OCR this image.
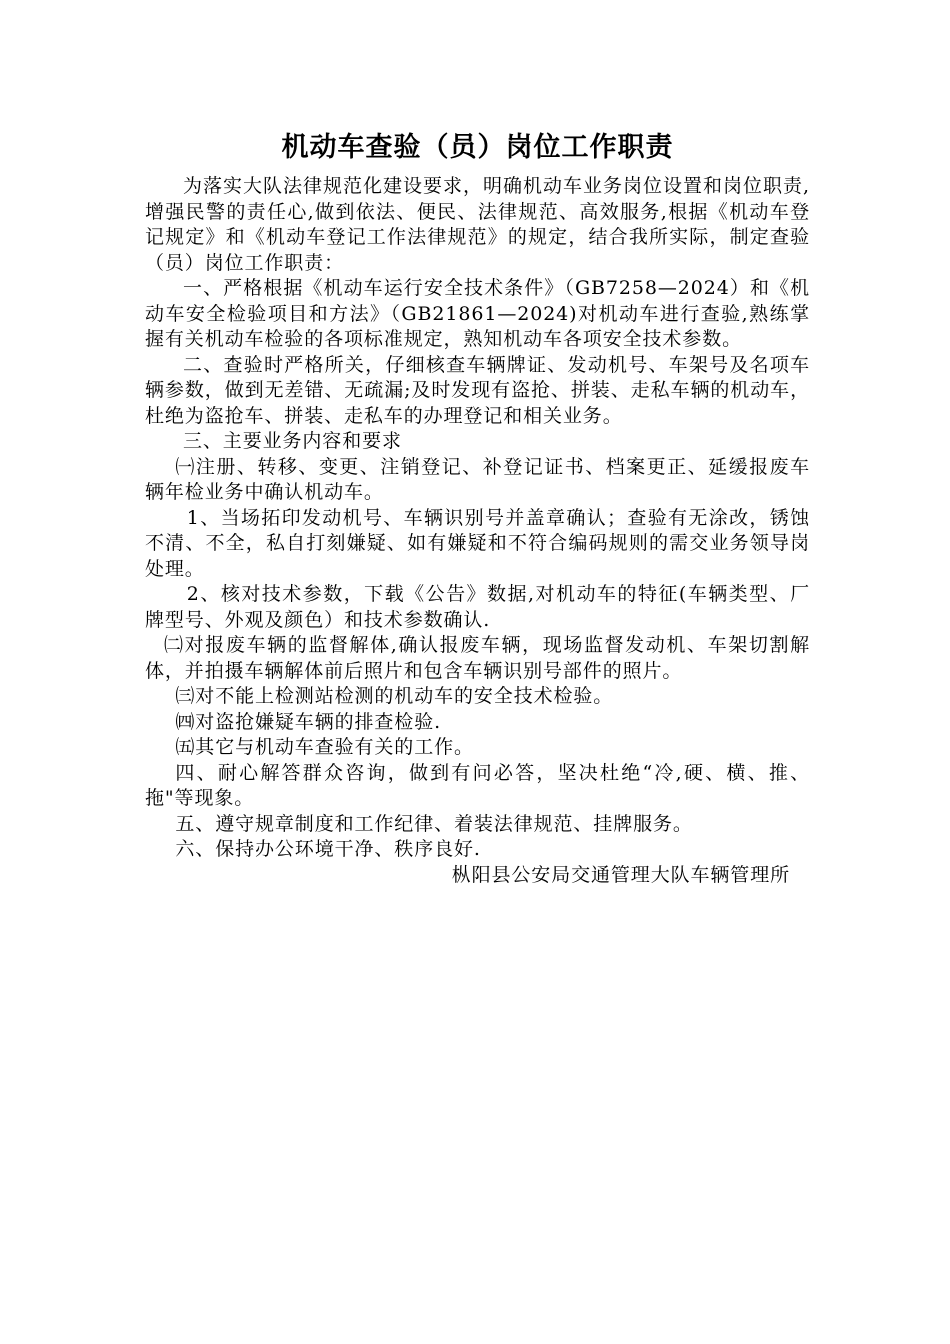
机动车查验（员）岗位工作职责

为落实大队法律规范化建设要求，明确机动车业务岗位设置和岗位职责,增强民警的责任心,做到依法、便民、法律规范、高效服务,根据《机动车登记规定》和《机动车登记工作法律规范》的规定，结合我所实际，制定查验（员）岗位工作职责：

一、严格根据《机动车运行安全技术条件》（GB7258—2024）和《机动车安全检验项目和方法》（GB21861—2024)对机动车进行查验,熟练掌握有关机动车检验的各项标准规定，熟知机动车各项安全技术参数。

二、查验时严格所关，仔细核查车辆牌证、发动机号、车架号及名项车辆参数，做到无差错、无疏漏;及时发现有盗抢、拼装、走私车辆的机动车，杜绝为盗抢车、拼装、走私车的办理登记和相关业务。

三、主要业务内容和要求

㈠注册、转移、变更、注销登记、补登记证书、档案更正、延缓报废车辆年检业务中确认机动车。

1、当场拓印发动机号、车辆识别号并盖章确认；查验有无涂改，锈蚀不清、不全，私自打刻嫌疑、如有嫌疑和不符合编码规则的需交业务领导岗处理。

2、核对技术参数，下载《公告》数据,对机动车的特征(车辆类型、厂牌型号、外观及颜色）和技术参数确认.

㈡对报废车辆的监督解体,确认报废车辆，现场监督发动机、车架切割解体，并拍摄车辆解体前后照片和包含车辆识别号部件的照片。

㈢对不能上检测站检测的机动车的安全技术检验。

㈣对盗抢嫌疑车辆的排查检验.

㈤其它与机动车查验有关的工作。

四、耐心解答群众咨询，做到有问必答，坚决杜绝“冷,硬、横、推、拖"等现象。

五、遵守规章制度和工作纪律、着装法律规范、挂牌服务。

六、保持办公环境干净、秩序良好.

枞阳县公安局交通管理大队车辆管理所
